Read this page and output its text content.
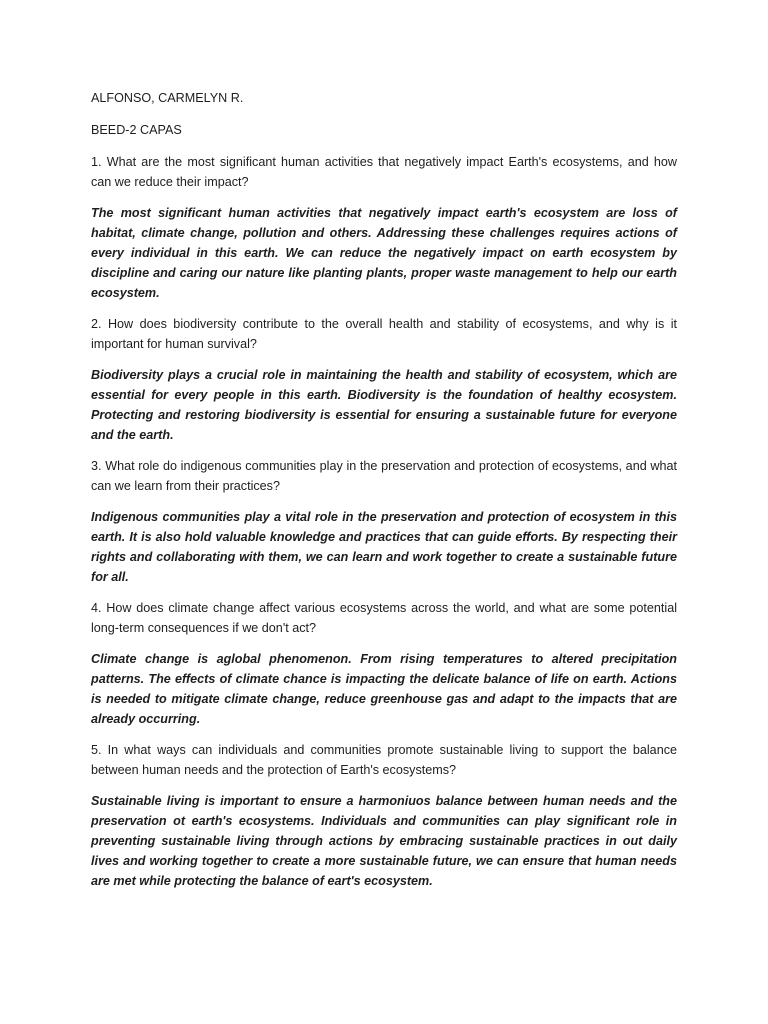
ALFONSO, CARMELYN R.

BEED-2 CAPAS

1. What are the most significant human activities that negatively impact Earth's ecosystems, and how can we reduce their impact?

The most significant human activities that negatively impact earth's ecosystem are loss of habitat, climate change, pollution and others. Addressing these challenges requires actions of every individual in this earth. We can reduce the negatively impact on earth ecosystem by discipline and caring our nature like planting plants, proper waste management to help our earth ecosystem.

2. How does biodiversity contribute to the overall health and stability of ecosystems, and why is it important for human survival?

Biodiversity plays a crucial role in maintaining the health and stability of ecosystem, which are essential for every people in this earth. Biodiversity is the foundation of healthy ecosystem. Protecting and restoring biodiversity is essential for ensuring a sustainable future for everyone and the earth.

3. What role do indigenous communities play in the preservation and protection of ecosystems, and what can we learn from their practices?

Indigenous communities play a vital role in the preservation and protection of ecosystem in this earth. It is also hold valuable knowledge and practices that can guide efforts. By respecting their rights and collaborating with them, we can learn and work together to create a sustainable future for all.

4. How does climate change affect various ecosystems across the world, and what are some potential long-term consequences if we don't act?

Climate change is aglobal phenomenon. From rising temperatures to altered precipitation patterns. The effects of climate chance is impacting the delicate balance of life on earth. Actions is needed to mitigate climate change, reduce greenhouse gas and adapt to the impacts that are already occurring.

5. In what ways can individuals and communities promote sustainable living to support the balance between human needs and the protection of Earth's ecosystems?

Sustainable living is important to ensure a harmoniuos balance between human needs and the preservation ot earth's ecosystems. Individuals and communities can play significant role in preventing sustainable living through actions by embracing sustainable practices in out daily lives and working together to create a more sustainable future, we can ensure that human needs are met while protecting the balance of eart's ecosystem.
